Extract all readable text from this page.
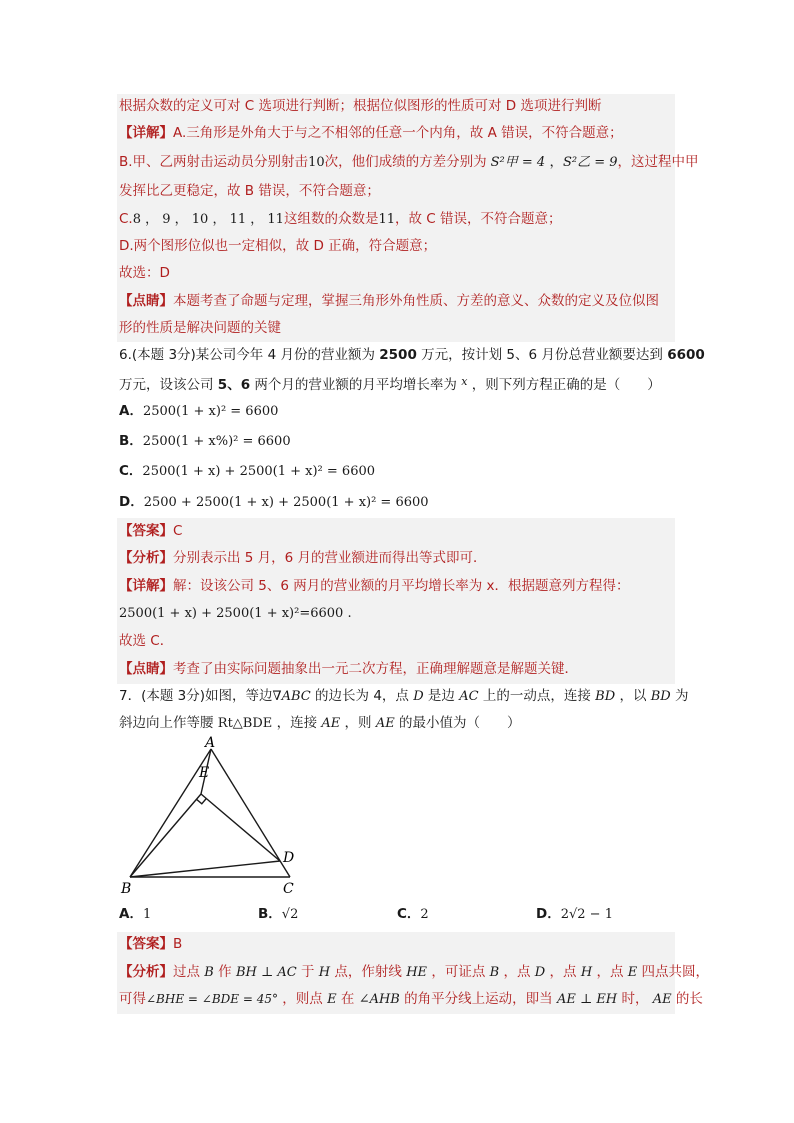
根据众数的定义可对 C 选项进行判断；根据位似图形的性质可对 D 选项进行判断
【详解】A.三角形是外角大于与之不相邻的任意一个内角，故 A 错误，不符合题意；
B.甲、乙两射击运动员分别射击10次，他们成绩的方差分别为 S²甲 = 4 ，S²乙 = 9，这过程中甲
发挥比乙更稳定，故 B 错误，不符合题意；
C.8 ， 9 ， 10 ， 11 ， 11这组数的众数是11，故 C 错误，不符合题意；
D.两个图形位似也一定相似，故 D 正确，符合题意；
故选：D
【点睛】本题考查了命题与定理，掌握三角形外角性质、方差的意义、众数的定义及位似图
形的性质是解决问题的关键
6.(本题 3分)某公司今年 4 月份的营业额为 2500 万元，按计划 5、6 月份总营业额要达到 6600
万元，设该公司 5、6 两个月的营业额的月平均增长率为 $^x$ ，则下列方程正确的是（　　）
A．2500(1 + x)² = 6600
B．2500(1 + x%)² = 6600
C．2500(1 + x) + 2500(1 + x)² = 6600
D．2500 + 2500(1 + x) + 2500(1 + x)² = 6600
【答案】C
【分析】分别表示出 5 月，6 月的营业额进而得出等式即可．
【详解】解：设该公司 5、6 两月的营业额的月平均增长率为 x．根据题意列方程得：
2500(1 + x) + 2500(1 + x)²=6600 .
故选 C．
【点睛】考查了由实际问题抽象出一元二次方程，正确理解题意是解题关键．
7．(本题 3分)如图，等边∇ABC 的边长为 4，点 D 是边 AC 上的一动点，连接 BD ，以 BD 为
斜边向上作等腰 Rt△BDE ，连接 AE ，则 AE 的最小值为（　　）
A
E
D
B	C
A．1	B．√2	C．2	D．2√2 − 1
【答案】B
【分析】过点 B 作 BH ⊥ AC 于 H 点，作射线 HE ，可证点 B ，点 D ，点 H ，点 E 四点共圆，
可得∠BHE = ∠BDE = 45° ，则点 E 在 ∠AHB 的角平分线上运动，即当 AE ⊥ EH 时， AE 的长
